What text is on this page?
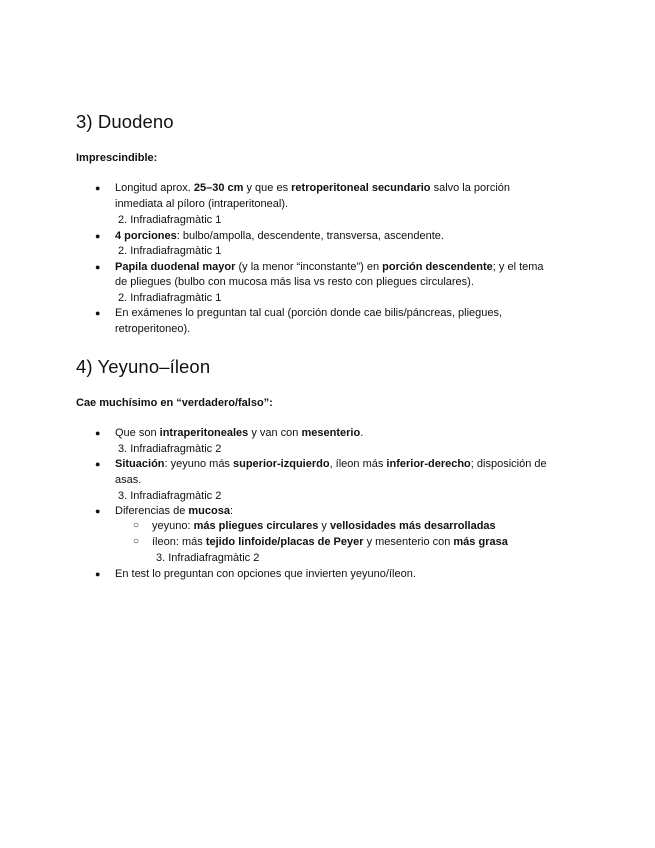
3) Duodeno

Imprescindible:

● Longitud aprox. 25–30 cm y que es retroperitoneal secundario salvo la porción
inmediata al píloro (intraperitoneal).
2. Infradiafragmàtic 1
● 4 porciones: bulbo/ampolla, descendente, transversa, ascendente.
2. Infradiafragmàtic 1
● Papila duodenal mayor (y la menor “inconstante”) en porción descendente; y el tema
de pliegues (bulbo con mucosa más lisa vs resto con pliegues circulares).
2. Infradiafragmàtic 1
● En exámenes lo preguntan tal cual (porción donde cae bilis/páncreas, pliegues,
retroperitoneo).
4) Yeyuno–íleon

Cae muchísimo en “verdadero/falso”:

● Que son intraperitoneales y van con mesenterio.
3. Infradiafragmàtic 2
● Situación: yeyuno más superior-izquierdo, íleon más inferior-derecho; disposición de
asas.
3. Infradiafragmàtic 2
● Diferencias de mucosa:
○ yeyuno: más pliegues circulares y vellosidades más desarrolladas
○ íleon: más tejido linfoide/placas de Peyer y mesenterio con más grasa
3. Infradiafragmàtic 2
● En test lo preguntan con opciones que invierten yeyuno/íleon.
